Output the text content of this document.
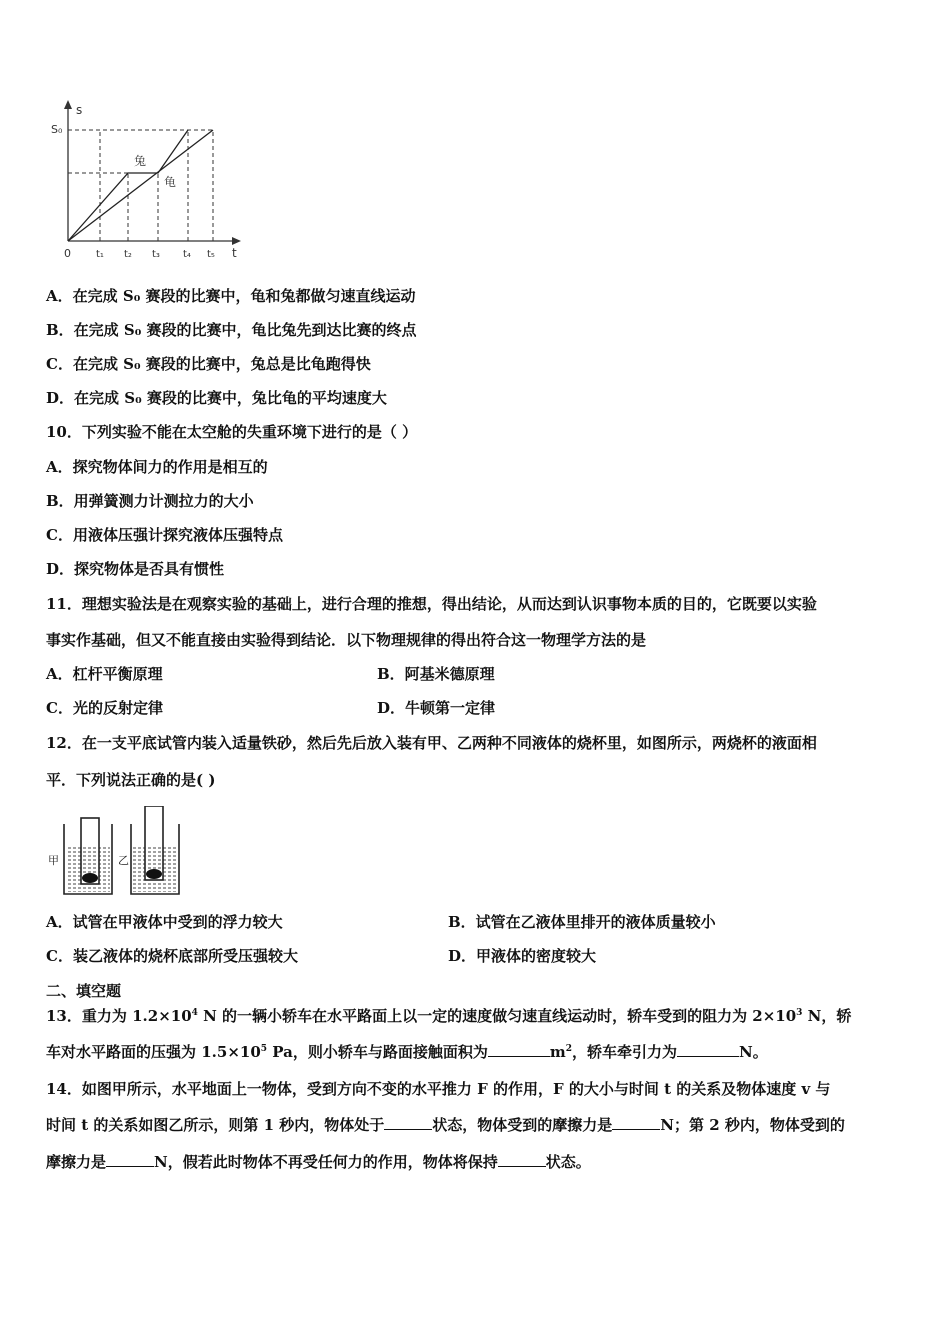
s
S₀
0	t
t₁ t₂ t₃ t₄ t₅
兔
龟
A．在完成 S₀ 赛段的比赛中，龟和兔都做匀速直线运动
B．在完成 S₀ 赛段的比赛中，龟比兔先到达比赛的终点
C．在完成 S₀ 赛段的比赛中，兔总是比龟跑得快
D．在完成 S₀ 赛段的比赛中，兔比龟的平均速度大
10．下列实验不能在太空舱的失重环境下进行的是（ ）
A．探究物体间力的作用是相互的
B．用弹簧测力计测拉力的大小
C．用液体压强计探究液体压强特点
D．探究物体是否具有惯性
11．理想实验法是在观察实验的基础上，进行合理的推想，得出结论，从而达到认识事物本质的目的，它既要以实验
事实作基础，但又不能直接由实验得到结论．以下物理规律的得出符合这一物理学方法的是
A．杠杆平衡原理	B．阿基米德原理
C．光的反射定律	D．牛顿第一定律
12．在一支平底试管内装入适量铁砂，然后先后放入装有甲、乙两种不同液体的烧杯里，如图所示，两烧杯的液面相
平．下列说法正确的是( )
甲	乙
A．试管在甲液体中受到的浮力较大	B．试管在乙液体里排开的液体质量较小
C．装乙液体的烧杯底部所受压强较大	D．甲液体的密度较大
二、填空题
13．重力为 $1.2\times 10^4$ N 的一辆小轿车在水平路面上以一定的速度做匀速直线运动时，轿车受到的阻力为 $2\times 10^3$ N，轿
车对水平路面的压强为 $1.5\times 10^5$ Pa，则小轿车与路面接触面积为	$m^2$，轿车牵引力为	N。
14．如图甲所示，水平地面上一物体，受到方向不变的水平推力 F 的作用，F 的大小与时间 t 的关系及物体速度 v 与
时间 t 的关系如图乙所示，则第 1 秒内，物体处于	状态，物体受到的摩擦力是	N；第 2 秒内，物体受到的
摩擦力是	N，假若此时物体不再受任何力的作用，物体将保持	状态。
